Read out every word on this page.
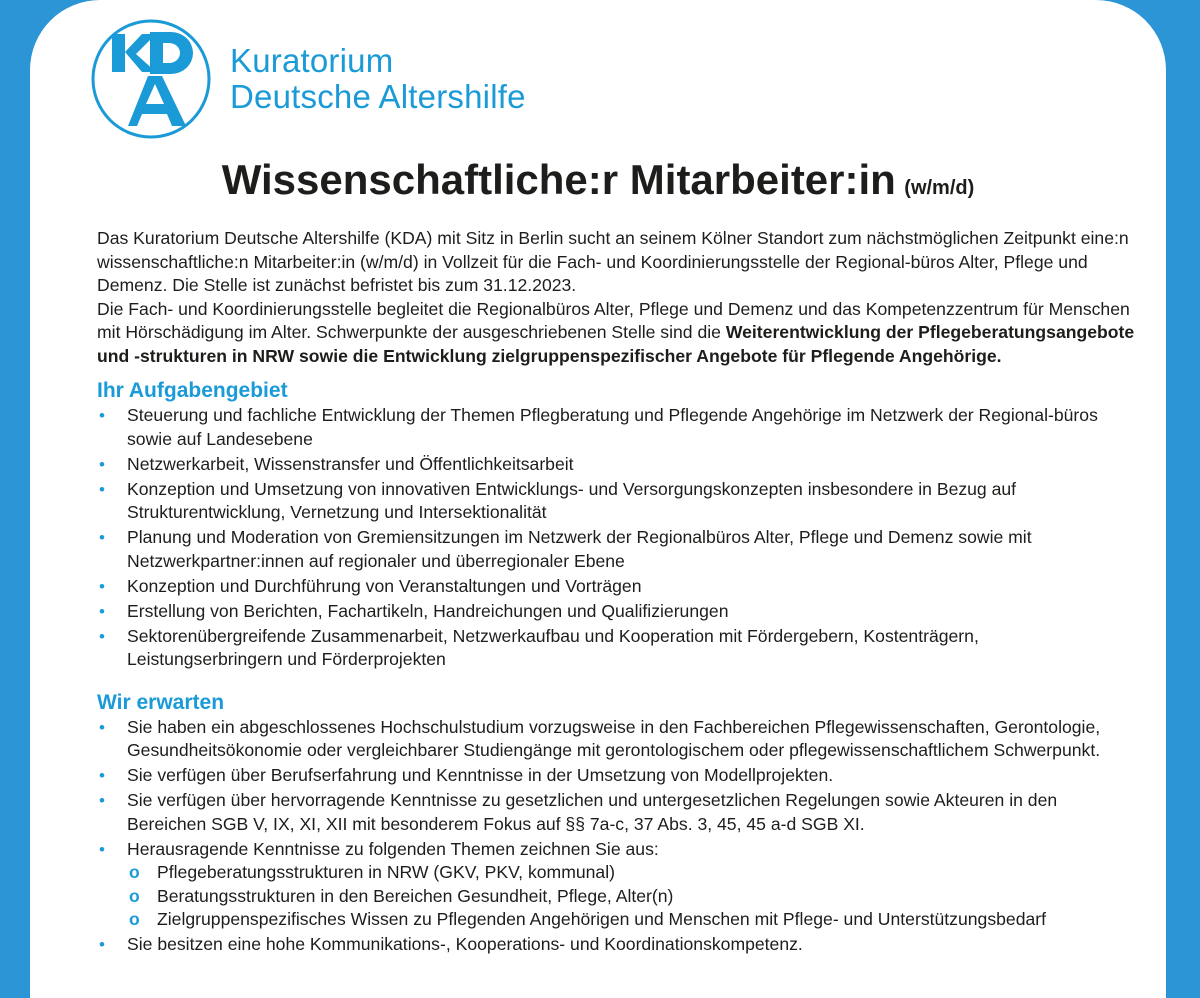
Kuratorium
Deutsche Altershilfe
Wissenschaftliche:r Mitarbeiter:in (w/m/d)

Das Kuratorium Deutsche Altershilfe (KDA) mit Sitz in Berlin sucht an seinem Kölner Standort zum nächstmöglichen Zeitpunkt eine:n wissenschaftliche:n Mitarbeiter:in (w/m/d) in Vollzeit für die Fach- und Koordinierungsstelle der Regional-büros Alter, Pflege und Demenz. Die Stelle ist zunächst befristet bis zum 31.12.2023.

Die Fach- und Koordinierungsstelle begleitet die Regionalbüros Alter, Pflege und Demenz und das Kompetenzzentrum für Menschen mit Hörschädigung im Alter. Schwerpunkte der ausgeschriebenen Stelle sind die Weiterentwicklung der Pflegeberatungsangebote und -strukturen in NRW sowie die Entwicklung zielgruppenspezifischer Angebote für Pflegende Angehörige.

Ihr Aufgabengebiet
• Steuerung und fachliche Entwicklung der Themen Pflegberatung und Pflegende Angehörige im Netzwerk der Regional-büros sowie auf Landesebene
• Netzwerkarbeit, Wissenstransfer und Öffentlichkeitsarbeit
• Konzeption und Umsetzung von innovativen Entwicklungs- und Versorgungskonzepten insbesondere in Bezug auf Strukturentwicklung, Vernetzung und Intersektionalität
• Planung und Moderation von Gremiensitzungen im Netzwerk der Regionalbüros Alter, Pflege und Demenz sowie mit Netzwerkpartner:innen auf regionaler und überregionaler Ebene
• Konzeption und Durchführung von Veranstaltungen und Vorträgen
• Erstellung von Berichten, Fachartikeln, Handreichungen und Qualifizierungen
• Sektorenübergreifende Zusammenarbeit, Netzwerkaufbau und Kooperation mit Fördergebern, Kostenträgern, Leistungserbringern und Förderprojekten
Wir erwarten
• Sie haben ein abgeschlossenes Hochschulstudium vorzugsweise in den Fachbereichen Pflegewissenschaften, Gerontologie, Gesundheitsökonomie oder vergleichbarer Studiengänge mit gerontologischem oder pflegewissenschaftlichem Schwerpunkt.
• Sie verfügen über Berufserfahrung und Kenntnisse in der Umsetzung von Modellprojekten.
• Sie verfügen über hervorragende Kenntnisse zu gesetzlichen und untergesetzlichen Regelungen sowie Akteuren in den Bereichen SGB V, IX, XI, XII mit besonderem Fokus auf §§ 7a-c, 37 Abs. 3, 45, 45 a-d SGB XI.
• Herausragende Kenntnisse zu folgenden Themen zeichnen Sie aus:
o Pflegeberatungsstrukturen in NRW (GKV, PKV, kommunal)
o Beratungsstrukturen in den Bereichen Gesundheit, Pflege, Alter(n)
o Zielgruppenspezifisches Wissen zu Pflegenden Angehörigen und Menschen mit Pflege- und Unterstützungsbedarf
• Sie besitzen eine hohe Kommunikations-, Kooperations- und Koordinationskompetenz.
